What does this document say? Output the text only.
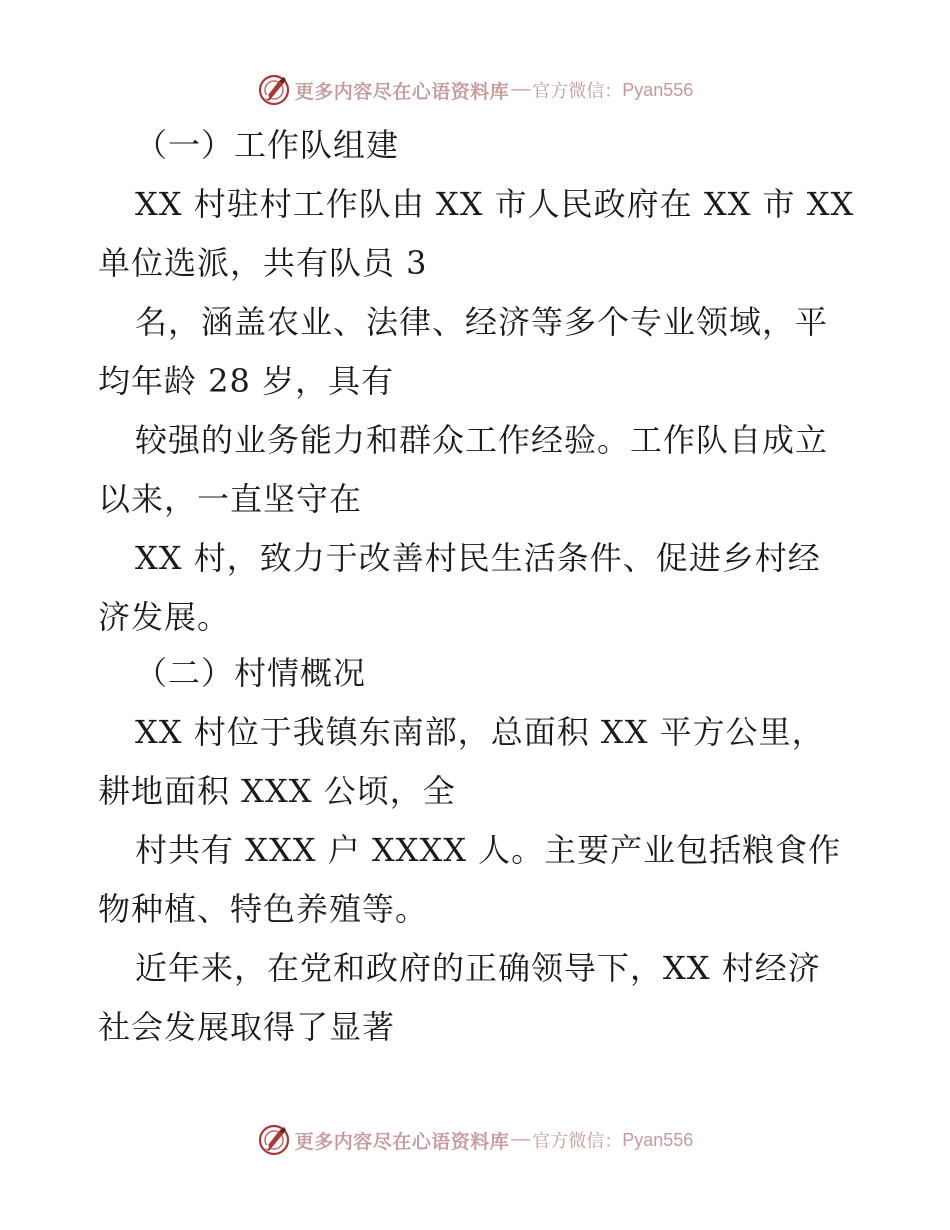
更多内容尽在心语资料库 — 官方微信： Pyan556
（一）工作队组建
XX 村驻村工作队由 XX 市人民政府在 XX 市 XX
单位选派，共有队员 3
名，涵盖农业、法律、经济等多个专业领域，平
均年龄 28 岁，具有
较强的业务能力和群众工作经验。工作队自成立
以来，一直坚守在
XX 村，致力于改善村民生活条件、促进乡村经
济发展。
（二）村情概况
XX 村位于我镇东南部，总面积 XX 平方公里，
耕地面积 XXX 公顷，全
村共有 XXX 户 XXXX 人。主要产业包括粮食作
物种植、特色养殖等。
近年来，在党和政府的正确领导下，XX 村经济
社会发展取得了显著
更多内容尽在心语资料库 — 官方微信： Pyan556
